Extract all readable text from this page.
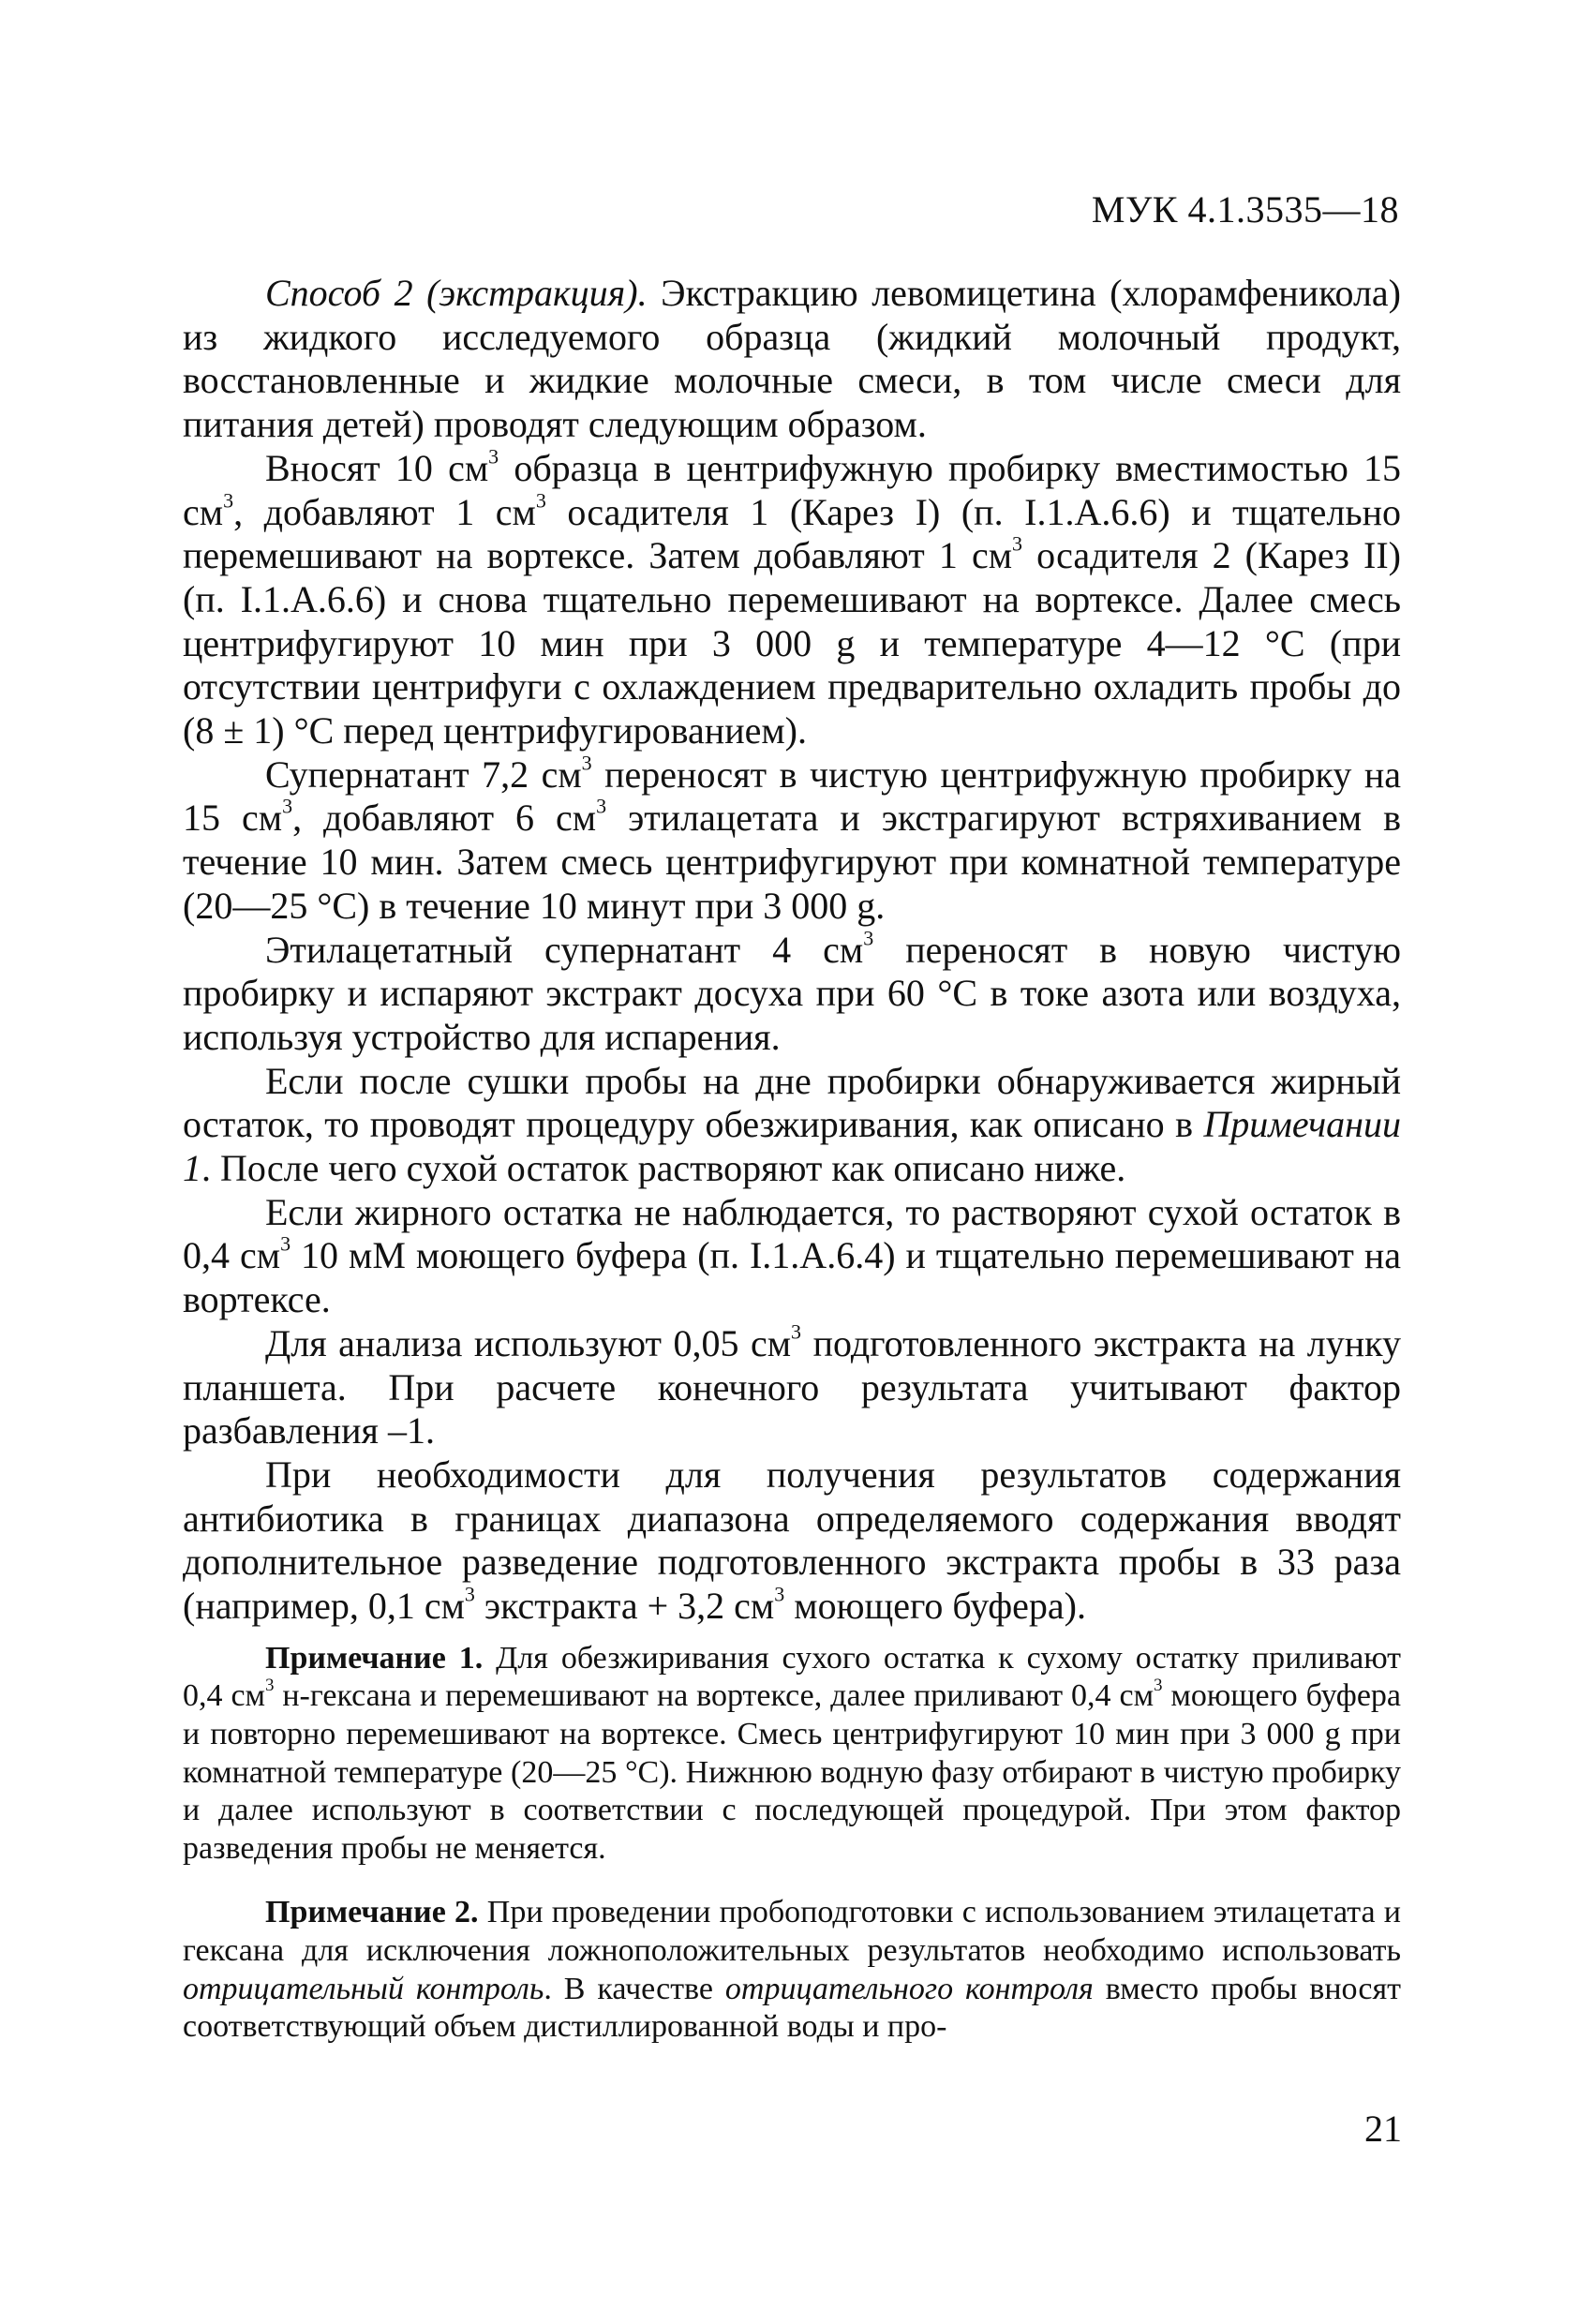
МУК 4.1.3535—18

Способ 2 (экстракция). Экстракцию левомицетина (хлорамфеникола) из жидкого исследуемого образца (жидкий молочный продукт, восстановленные и жидкие молочные смеси, в том числе смеси для питания детей) проводят следующим образом.

Вносят 10 $см^3$ образца в центрифужную пробирку вместимостью 15 $см^3$, добавляют 1 $см^3$ осадителя 1 (Карез I) (п. I.1.A.6.6) и тщательно перемешивают на вортексе. Затем добавляют 1 $см^3$ осадителя 2 (Карез II) (п. I.1.A.6.6) и снова тщательно перемешивают на вортексе. Далее смесь центрифугируют 10 мин при 3 000 g и температуре 4—12 °C (при отсутствии центрифуги с охлаждением предварительно охладить пробы до (8 ± 1) °C перед центрифугированием).

Супернатант 7,2 $см^3$ переносят в чистую центрифужную пробирку на 15 $см^3$, добавляют 6 $см^3$ этилацетата и экстрагируют встряхиванием в течение 10 мин. Затем смесь центрифугируют при комнатной температуре (20—25 °C) в течение 10 минут при 3 000 g.

Этилацетатный супернатант 4 $см^3$ переносят в новую чистую пробирку и испаряют экстракт досуха при 60 °C в токе азота или воздуха, используя устройство для испарения.

Если после сушки пробы на дне пробирки обнаруживается жирный остаток, то проводят процедуру обезжиривания, как описано в Примечании 1. После чего сухой остаток растворяют как описано ниже.

Если жирного остатка не наблюдается, то растворяют сухой остаток в 0,4 $см^3$ 10 мМ моющего буфера (п. I.1.A.6.4) и тщательно перемешивают на вортексе.

Для анализа используют 0,05 $см^3$ подготовленного экстракта на лунку планшета. При расчете конечного результата учитывают фактор разбавления –1.

При необходимости для получения результатов содержания антибиотика в границах диапазона определяемого содержания вводят дополнительное разведение подготовленного экстракта пробы в 33 раза (например, 0,1 $см^3$ экстракта + 3,2 $см^3$ моющего буфера).

Примечание 1. Для обезжиривания сухого остатка к сухому остатку приливают 0,4 $см^3$ н-гексана и перемешивают на вортексе, далее приливают 0,4 $см^3$ моющего буфера и повторно перемешивают на вортексе. Смесь центрифугируют 10 мин при 3 000 g при комнатной температуре (20—25 °C). Нижнюю водную фазу отбирают в чистую пробирку и далее используют в соответствии с последующей процедурой. При этом фактор разведения пробы не меняется.

Примечание 2. При проведении пробоподготовки с использованием этилацетата и гексана для исключения ложноположительных результатов необходимо использовать отрицательный контроль. В качестве отрицательного контроля вместо пробы вносят соответствующий объем дистиллированной воды и про-

21
